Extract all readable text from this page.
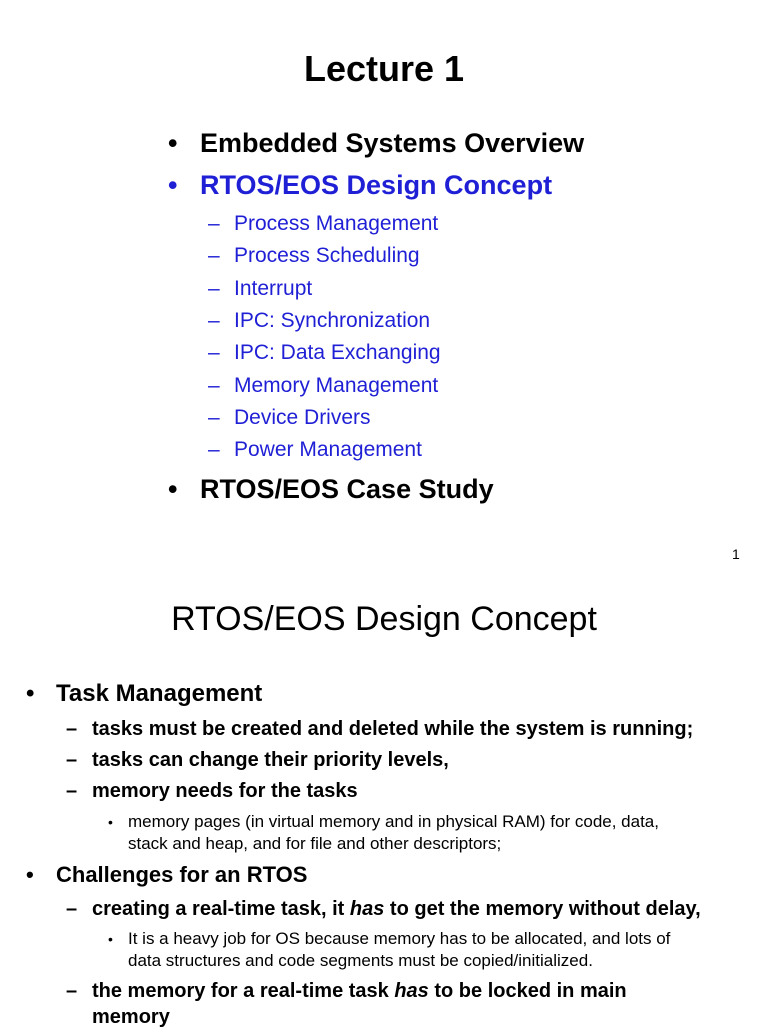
Lecture 1
• Embedded Systems Overview
• RTOS/EOS Design Concept
– Process Management
– Process Scheduling
– Interrupt
– IPC: Synchronization
– IPC: Data Exchanging
– Memory Management
– Device Drivers
– Power Management
• RTOS/EOS Case Study
1
RTOS/EOS Design Concept
• Task Management
– tasks must be created and deleted while the system is running;
– tasks can change their priority levels,
– memory needs for the tasks
• memory pages (in virtual memory and in physical RAM) for code, data,
stack and heap, and for file and other descriptors;
• Challenges for an RTOS
– creating a real-time task, it has to get the memory without delay,
• It is a heavy job for OS because memory has to be allocated, and lots of
data structures and code segments must be copied/initialized.
– the memory for a real-time task has to be locked in main
memory
